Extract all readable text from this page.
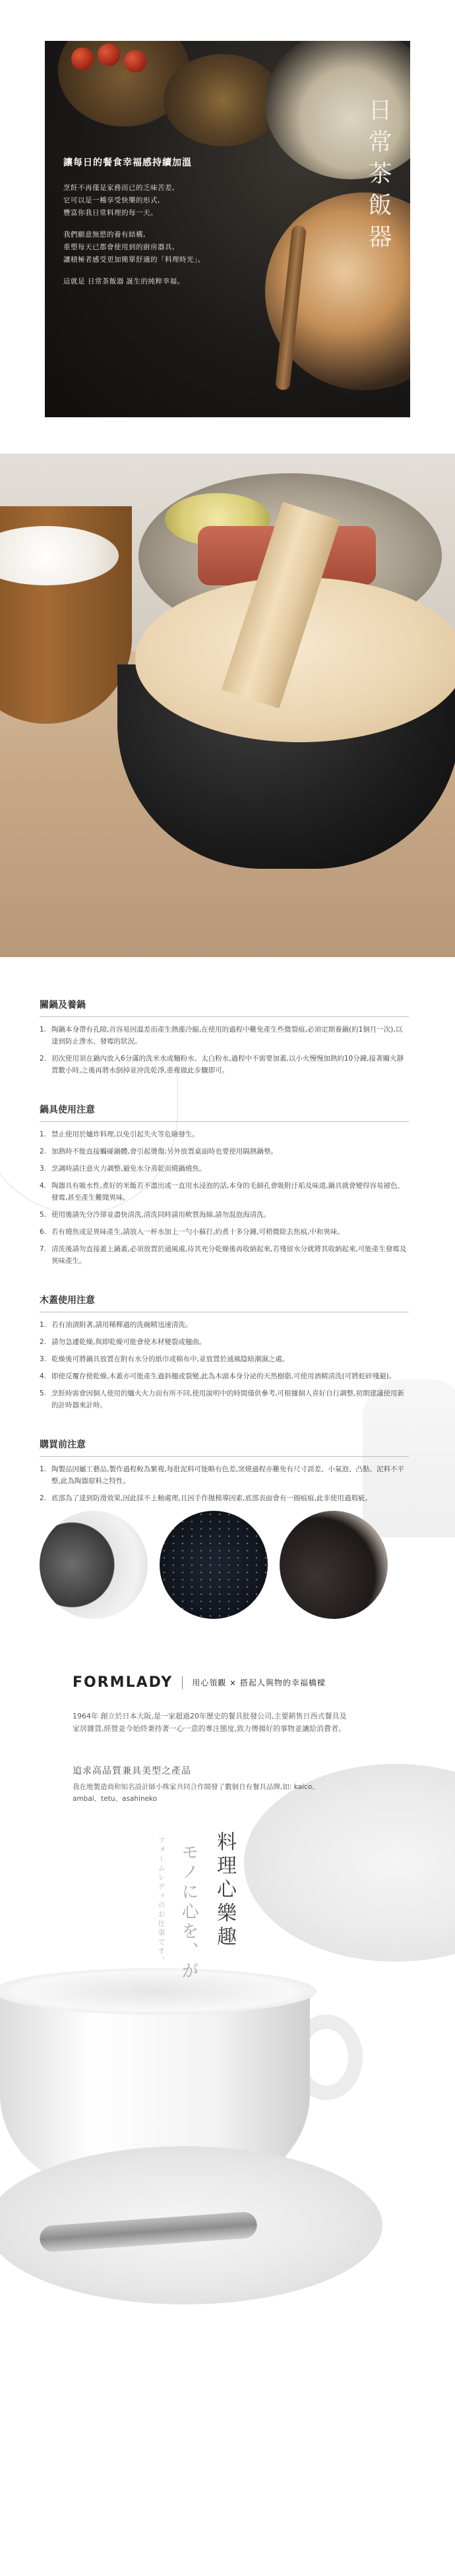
讓每日的餐食幸福感持續加溫

烹飪不再僅是家務而已的乏味苦差,

它可以是一種享受快樂的形式,

豐富你我日常料理的每一天。

我們願意無慾的養有結構,

重塑每天已都會使用到的廚房器具,

讓積極者感受更加簡單舒適的「料理時光」。

這就是 日常茶飯器 誕生的純粹幸福。

日常茶飯器
關鍋及養鍋
1. 陶鍋本身帶有孔隙,首容易因溫差而產生熱漲冷縮,在使用的過程中難免產生些微裂痕,必須定期養鍋(約1個月一次),以達到防止滲水、發霉的狀況。
2. 初次使用須在鍋內放入6分滿的洗米水或麵粉水、太白粉水,過程中不需要加蓋,以小火慢慢加熱約10分鐘,接著關火靜置數小時,之後再將水倒掉並沖洗乾淨,重複做此步驟即可。
鍋具使用注意
1. 禁止使用於爐炸料理,以免引起失火等危險發生。
2. 加熱時不能直接觸碰鍋體,會引起燙傷;另外放置桌面時也要使用隔熱鍋墊。
3. 烹調時請注意火力調整,避免水分蒸乾而燒鍋燒焦。
4. 陶器具有吸水性,煮好的米飯若不盡出或一直用水浸泡的話,本身的毛細孔會吸附汙垢及味道,鍋具就會變得容易褪色、發霉,甚至產生難聞異味。
5. 使用後請先分冷卻並盡快清洗,清洗同時請用軟質海綿,請勿混泡海清洗。
6. 若有燒焦或是異味產生,請放入一杯水加上一勺小蘇打,約煮十多分鐘,可稍微除去焦痕,中和異味。
7. 清洗後請勿直接蓋上鍋蓋,必須放置於通風處,待其充分乾燥後再收納起來,若殘留水分就將其收納起來,可能產生發霉及異味產生。
木蓋使用注意
1. 若有油漬附著,請用稀釋過的洗碗精迅速清洗。
2. 請勿急遽乾燥,與即乾燥可能會使木材變裂或翹曲。
3. 乾燥後可將鍋具放置在附有水分的紙巾或棉布中,並放置於通風陰暗潮濕之處。
4. 即使反覆存使乾燥,木蓋亦可能產生過斜翹或裂變,此為木頭本身分泌的天然樹脂,可使用酒精清洗(可將蛀碎殘避)。
5. 烹飪時需會因個人使用的爐火火力而有所不同,使用說明中的時間僅供參考,可根據個人喜好自行調整,初期建議使用新的計時器來計時。
購買前注意
1. 陶製品因屬工藝品,製作過程較為繁複,每批泥料可能略有色差,窯燒過程亦難免有尺寸誤差、小氣泡、凸點、泥料不平整,此為陶器原料之特性。
2. 底部為了達到防滑效果,因此採不上釉處理,且因手作拋模導因素,底部表面會有一圈痕痕,此非使用過瑕疵。
FORMLADY 用心領觀 × 搭起人與物的幸福橋樑
1964年 創立於日本大阪,是一家超過20年歷史的餐具批發公司,主要銷售日西式餐具及家居雜貨,經營並今始終秉持著一心一意的專注態度,致力傳揚好的事物並讓給消費者。
追求高品質兼具美型之產品
我在地製造商和知名設計師小株家共同合作開發了數個自有餐具品牌,如: kaico、ambai、tetu、asahineko
料理心樂趣
モノに心を、が
フォームレディのお仕事です。
